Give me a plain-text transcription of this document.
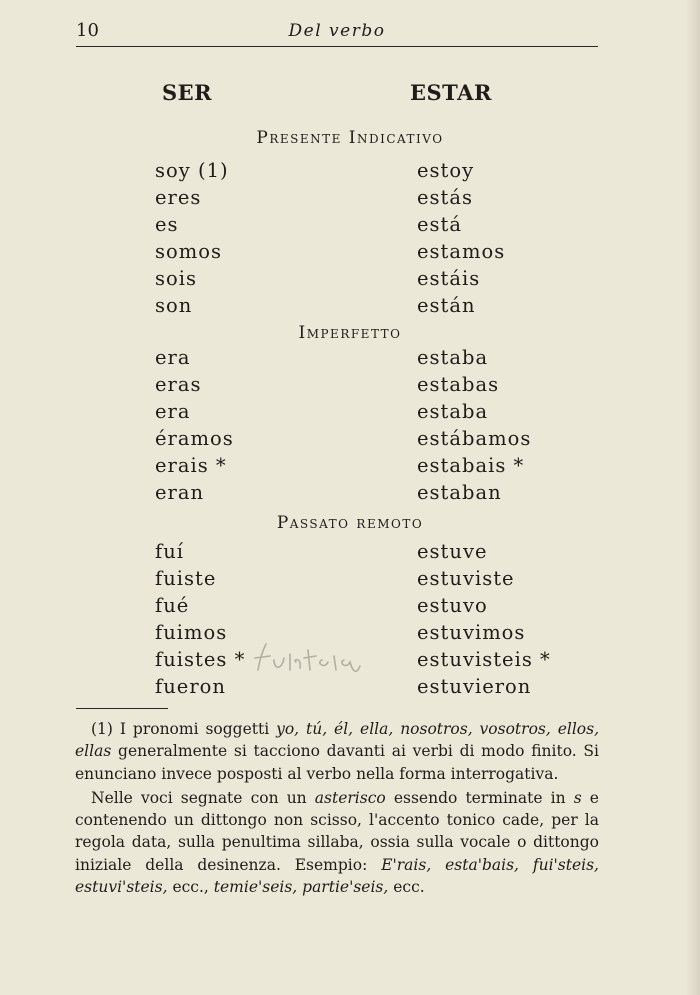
10	Del verbo
SER	ESTAR
Presente Indicativo
soy (1)	estoy
eres	estás
es	está
somos	estamos
sois	estáis
son	están
Imperfetto
era	estaba
eras	estabas
era	estaba
éramos	estábamos
erais *	estabais *
eran	estaban
Passato remoto
fuí	estuve
fuiste	estuviste
fué	estuvo
fuimos	estuvimos
fuistes *	estuvisteis *
fueron	estuvieron

(1) I pronomi soggetti yo, tú, él, ella, nosotros, vosotros, ellos, ellas generalmente si tacciono davanti ai verbi di modo finito. Si enunciano invece posposti al verbo nella forma interrogativa.

Nelle voci segnate con un asterisco essendo terminate in s e contenendo un dittongo non scisso, l'accento tonico cade, per la regola data, sulla penultima sillaba, ossia sulla vocale o dittongo iniziale della desinenza. Esempio: E'rais, esta'bais, fui'steis, estuvi'steis, ecc., temie'seis, partie'seis, ecc.
